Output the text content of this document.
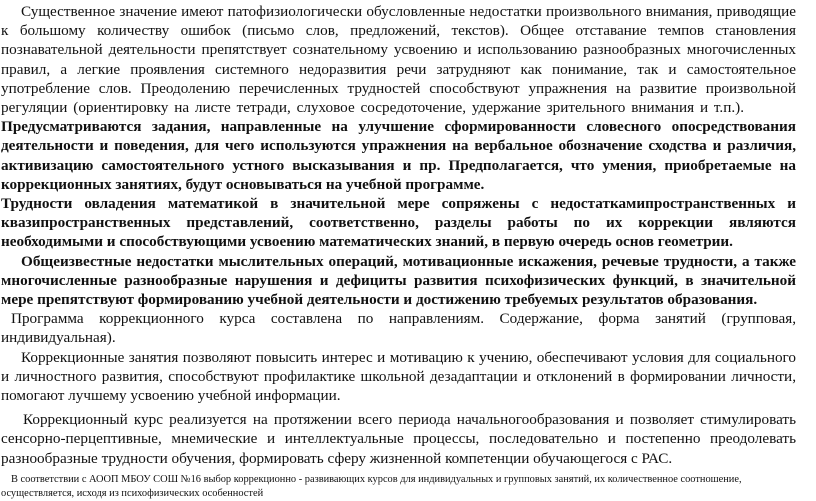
Существенное значение имеют патофизиологически обусловленные недостатки произвольного внимания, приводящие к большому количеству ошибок (письмо слов, предложений, текстов). Общее отставание темпов становления познавательной деятельности препятствует сознательному усвоению и использованию разнообразных многочисленных правил, а легкие проявления системного недоразвития речи затрудняют как понимание, так и самостоятельное употребление слов. Преодолению перечисленных трудностей способствуют упражнения на развитие произвольной регуляции (ориентировку на листе тетради, слуховое сосредоточение, удержание зрительного внимания и т.п.).Предусматриваются задания, направленные на улучшение сформированности словесного опосредствования деятельности и поведения, для чего используются упражнения на вербальное обозначение сходства и различия, активизацию самостоятельного устного высказывания и пр. Предполагается, что умения, приобретаемые на коррекционных занятиях, будут основываться на учебной программе.

Трудности овладения математикой в значительной мере сопряжены с недостаткамипространственных и квазипространственных представлений, соответственно, разделы работы по их коррекции являются необходимыми и способствующими усвоению математических знаний, в первую очередь основ геометрии.

Общеизвестные недостатки мыслительных операций, мотивационные искажения, речевые трудности, а также многочисленные разнообразные нарушения и дефициты развития психофизических функций, в значительной мере препятствуют формированию учебной деятельности и достижению требуемых результатов образования.

Программа коррекционного курса составлена по направлениям. Содержание, форма занятий (групповая, индивидуальная).

Коррекционные занятия позволяют повысить интерес и мотивацию к учению, обеспечивают условия для социального и личностного развития, способствуют профилактике школьной дезадаптации и отклонений в формировании личности, помогают лучшему усвоению учебной информации.

Коррекционный курс реализуется на протяжении всего периода начальногообразования и позволяет стимулировать сенсорно-перцептивные, мнемические и интеллектуальные процессы, последовательно и постепенно преодолевать разнообразные трудности обучения, формировать сферу жизненной компетенции обучающегося с РАС.

В соответствии с АООП МБОУ СОШ №16 выбор коррекционно - развивающих курсов для индивидуальных и групповых занятий, их количественное соотношение, осуществляется, исходя из психофизических особенностей
